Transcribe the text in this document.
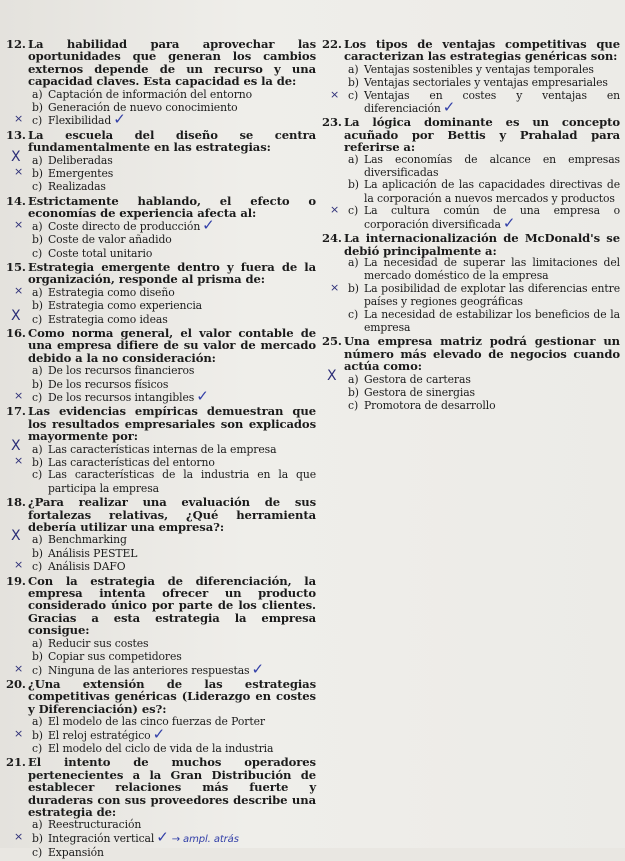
12. La habilidad para aprovechar las oportunidades que generan los cambios externos depende de un recurso y una capacidad claves. Esta capacidad es la de:
a) Captación de información del entorno
b) Generación de nuevo conocimiento
× c) Flexibilidad ✓
13. La escuela del diseño se centra fundamentalmente en las estrategias:
X	a) Deliberadas
× b) Emergentes
c) Realizadas
14. Estrictamente hablando, el efecto o economías de experiencia afecta al:
× a) Coste directo de producción ✓
b) Coste de valor añadido
c) Coste total unitario
15. Estrategia emergente dentro y fuera de la organización, responde al prisma de:
× a) Estrategia como diseño
b) Estrategia como experiencia
X	c) Estrategia como ideas
16. Como norma general, el valor contable de una empresa difiere de su valor de mercado debido a la no consideración:
a) De los recursos financieros
b) De los recursos físicos
× c) De los recursos intangibles ✓
17. Las evidencias empíricas demuestran que los resultados empresariales son explicados mayormente por:
X	a) Las características internas de la empresa
× b) Las características del entorno
c) Las características de la industria en la que participa la empresa
18. ¿Para realizar una evaluación de sus fortalezas relativas, ¿Qué herramienta debería utilizar una empresa?:
X	a) Benchmarking
b) Análisis PESTEL
× c) Análisis DAFO
19. Con la estrategia de diferenciación, la empresa intenta ofrecer un producto considerado único por parte de los clientes. Gracias a esta estrategia la empresa consigue:
a) Reducir sus costes
b) Copiar sus competidores
× c) Ninguna de las anteriores respuestas ✓
20. ¿Una extensión de las estrategias competitivas genéricas (Liderazgo en costes y Diferenciación) es?:
a) El modelo de las cinco fuerzas de Porter
× b) El reloj estratégico ✓
c) El modelo del ciclo de vida de la industria
21. El intento de muchos operadores pertenecientes a la Gran Distribución de establecer relaciones más fuerte y duraderas con sus proveedores describe una estrategia de:
a) Reestructuración
× b) Integración vertical ✓ → ampl. atrás
c) Expansión
22. Los tipos de ventajas competitivas que caracterizan las estrategias genéricas son:
a) Ventajas sostenibles y ventajas temporales
b) Ventajas sectoriales y ventajas empresariales
× c) Ventajas en costes y ventajas en diferenciación ✓
23. La lógica dominante es un concepto acuñado por Bettis y Prahalad para referirse a:
a) Las economías de alcance en empresas diversificadas
b) La aplicación de las capacidades directivas de la corporación a nuevos mercados y productos
× c) La cultura común de una empresa o corporación diversificada ✓
24. La internacionalización de McDonald's se debió principalmente a:
a) La necesidad de superar las limitaciones del mercado doméstico de la empresa
× b) La posibilidad de explotar las diferencias entre países y regiones geográficas
c) La necesidad de estabilizar los beneficios de la empresa
25. Una empresa matriz podrá gestionar un número más elevado de negocios cuando actúa como:
X	a) Gestora de carteras
b) Gestora de sinergias
c) Promotora de desarrollo
